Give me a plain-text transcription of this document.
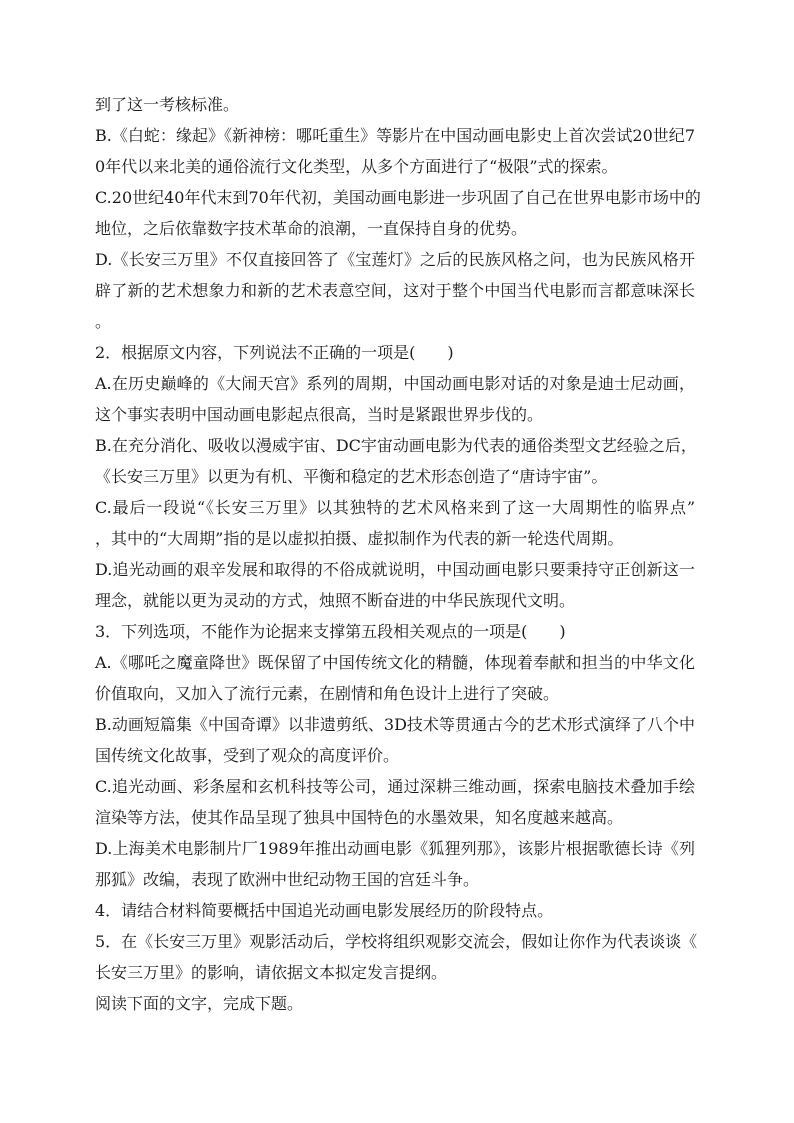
到了这一考核标准。
B.《白蛇：缘起》《新神榜：哪吒重生》等影片在中国动画电影史上首次尝试20世纪7
0年代以来北美的通俗流行文化类型，从多个方面进行了“极限”式的探索。
C.20世纪40年代末到70年代初，美国动画电影进一步巩固了自己在世界电影市场中的
地位，之后依靠数字技术革命的浪潮，一直保持自身的优势。
D.《长安三万里》不仅直接回答了《宝莲灯》之后的民族风格之问，也为民族风格开
辟了新的艺术想象力和新的艺术表意空间，这对于整个中国当代电影而言都意味深长
。
2．根据原文内容，下列说法不正确的一项是(　　)
A.在历史巅峰的《大闹天宫》系列的周期，中国动画电影对话的对象是迪士尼动画，
这个事实表明中国动画电影起点很高，当时是紧跟世界步伐的。
B.在充分消化、吸收以漫威宇宙、DC宇宙动画电影为代表的通俗类型文艺经验之后，
《长安三万里》以更为有机、平衡和稳定的艺术形态创造了“唐诗宇宙”。
C.最后一段说“《长安三万里》以其独特的艺术风格来到了这一大周期性的临界点”
，其中的“大周期”指的是以虚拟拍摄、虚拟制作为代表的新一轮迭代周期。
D.追光动画的艰辛发展和取得的不俗成就说明，中国动画电影只要秉持守正创新这一
理念，就能以更为灵动的方式，烛照不断奋进的中华民族现代文明。
3．下列选项，不能作为论据来支撑第五段相关观点的一项是(　　)
A.《哪吒之魔童降世》既保留了中国传统文化的精髓，体现着奉献和担当的中华文化
价值取向，又加入了流行元素，在剧情和角色设计上进行了突破。
B.动画短篇集《中国奇谭》以非遗剪纸、3D技术等贯通古今的艺术形式演绎了八个中
国传统文化故事，受到了观众的高度评价。
C.追光动画、彩条屋和玄机科技等公司，通过深耕三维动画，探索电脑技术叠加手绘
渲染等方法，使其作品呈现了独具中国特色的水墨效果，知名度越来越高。
D.上海美术电影制片厂1989年推出动画电影《狐狸列那》，该影片根据歌德长诗《列
那狐》改编，表现了欧洲中世纪动物王国的宫廷斗争。
4．请结合材料简要概括中国追光动画电影发展经历的阶段特点。
5．在《长安三万里》观影活动后，学校将组织观影交流会，假如让你作为代表谈谈《
长安三万里》的影响，请依据文本拟定发言提纲。
阅读下面的文字，完成下题。
